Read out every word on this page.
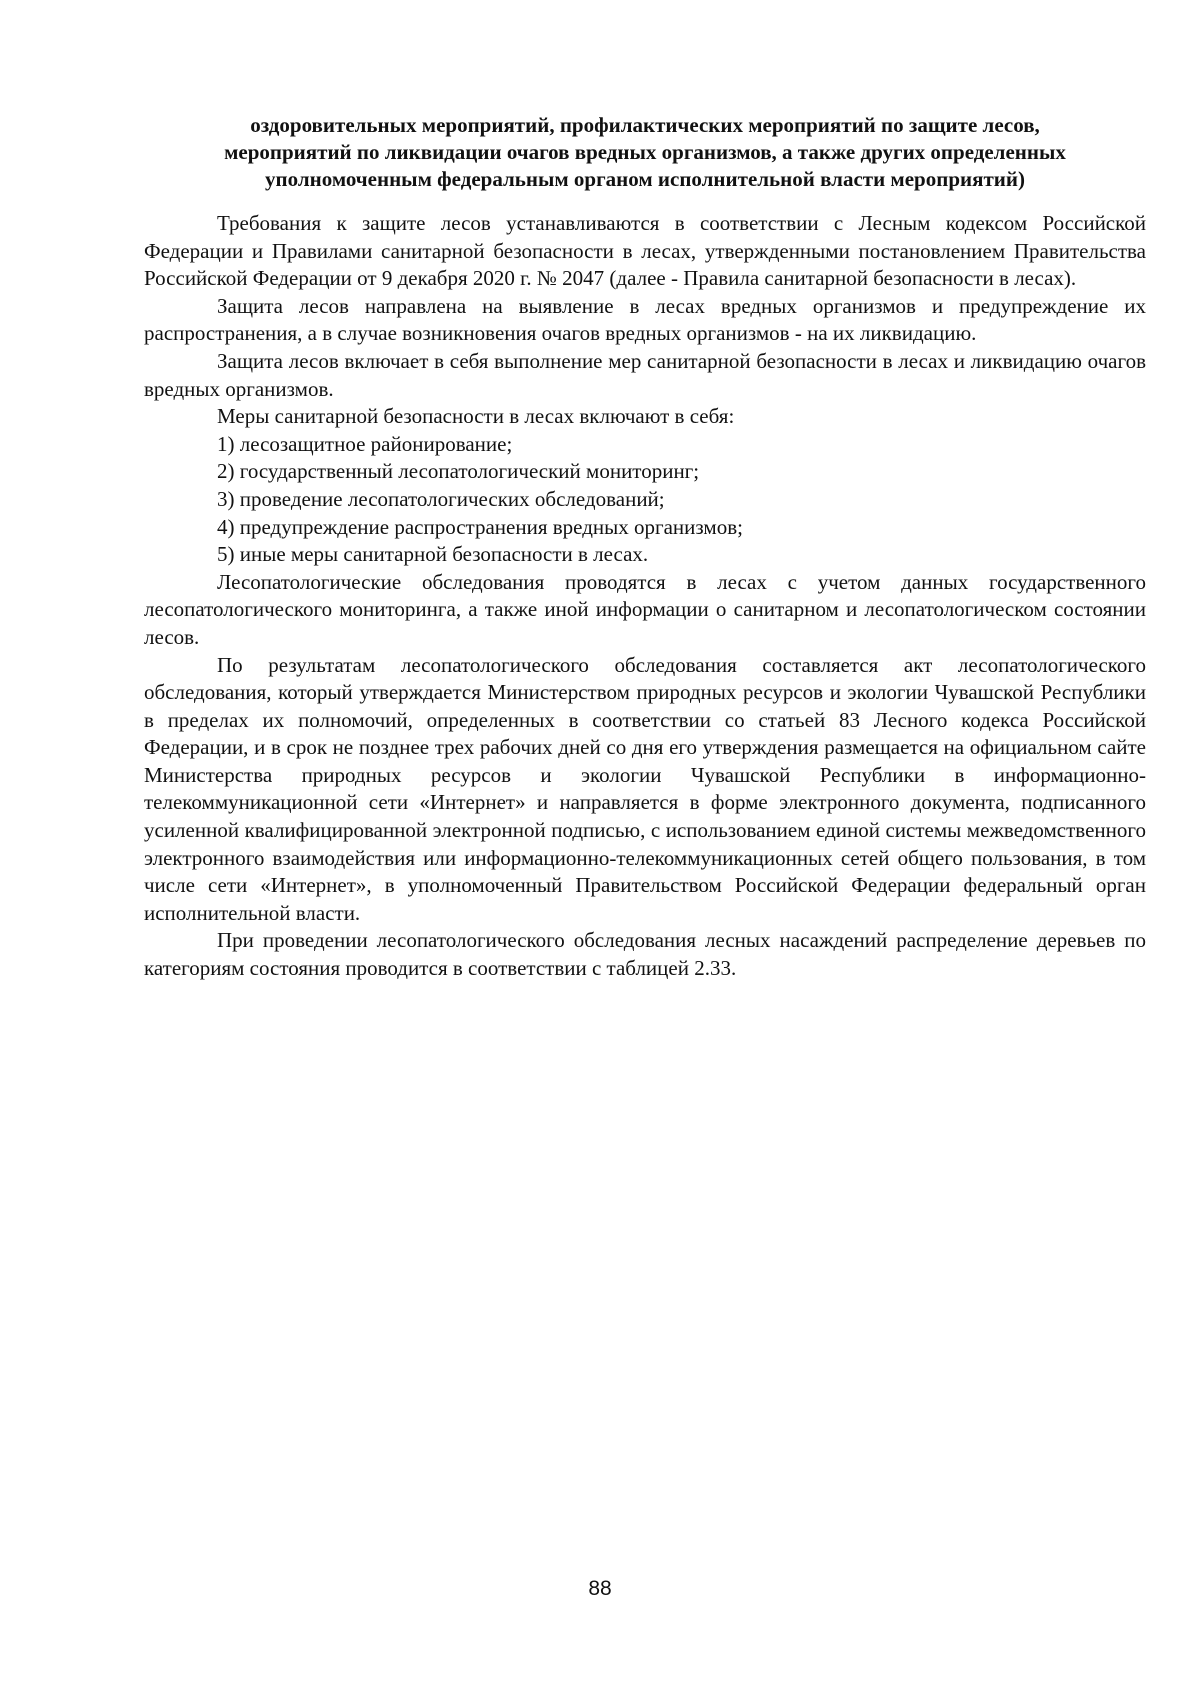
оздоровительных мероприятий, профилактических мероприятий по защите лесов,
мероприятий по ликвидации очагов вредных организмов, а также других определенных
уполномоченным федеральным органом исполнительной власти мероприятий)

Требования к защите лесов устанавливаются в соответствии с Лесным кодексом Российской Федерации и Правилами санитарной безопасности в лесах, утвержденными постановлением Правительства Российской Федерации от 9 декабря 2020 г. № 2047 (далее - Правила санитарной безопасности в лесах).

Защита лесов направлена на выявление в лесах вредных организмов и предупреждение их распространения, а в случае возникновения очагов вредных организмов - на их ликвидацию.

Защита лесов включает в себя выполнение мер санитарной безопасности в лесах и ликвидацию очагов вредных организмов.

Меры санитарной безопасности в лесах включают в себя:

1) лесозащитное районирование;

2) государственный лесопатологический мониторинг;

3) проведение лесопатологических обследований;

4) предупреждение распространения вредных организмов;

5) иные меры санитарной безопасности в лесах.

Лесопатологические обследования проводятся в лесах с учетом данных государственного лесопатологического мониторинга, а также иной информации о санитарном и лесопатологическом состоянии лесов.

По результатам лесопатологического обследования составляется акт лесопатологического обследования, который утверждается Министерством природных ресурсов и экологии Чувашской Республики в пределах их полномочий, определенных в соответствии со статьей 83 Лесного кодекса Российской Федерации, и в срок не позднее трех рабочих дней со дня его утверждения размещается на официальном сайте Министерства природных ресурсов и экологии Чувашской Республики в информационно-телекоммуникационной сети «Интернет» и направляется в форме электронного документа, подписанного усиленной квалифицированной электронной подписью, с использованием единой системы межведомственного электронного взаимодействия или информационно-телекоммуникационных сетей общего пользования, в том числе сети «Интернет», в уполномоченный Правительством Российской Федерации федеральный орган исполнительной власти.

При проведении лесопатологического обследования лесных насаждений распределение деревьев по категориям состояния проводится в соответствии с таблицей 2.33.

88
